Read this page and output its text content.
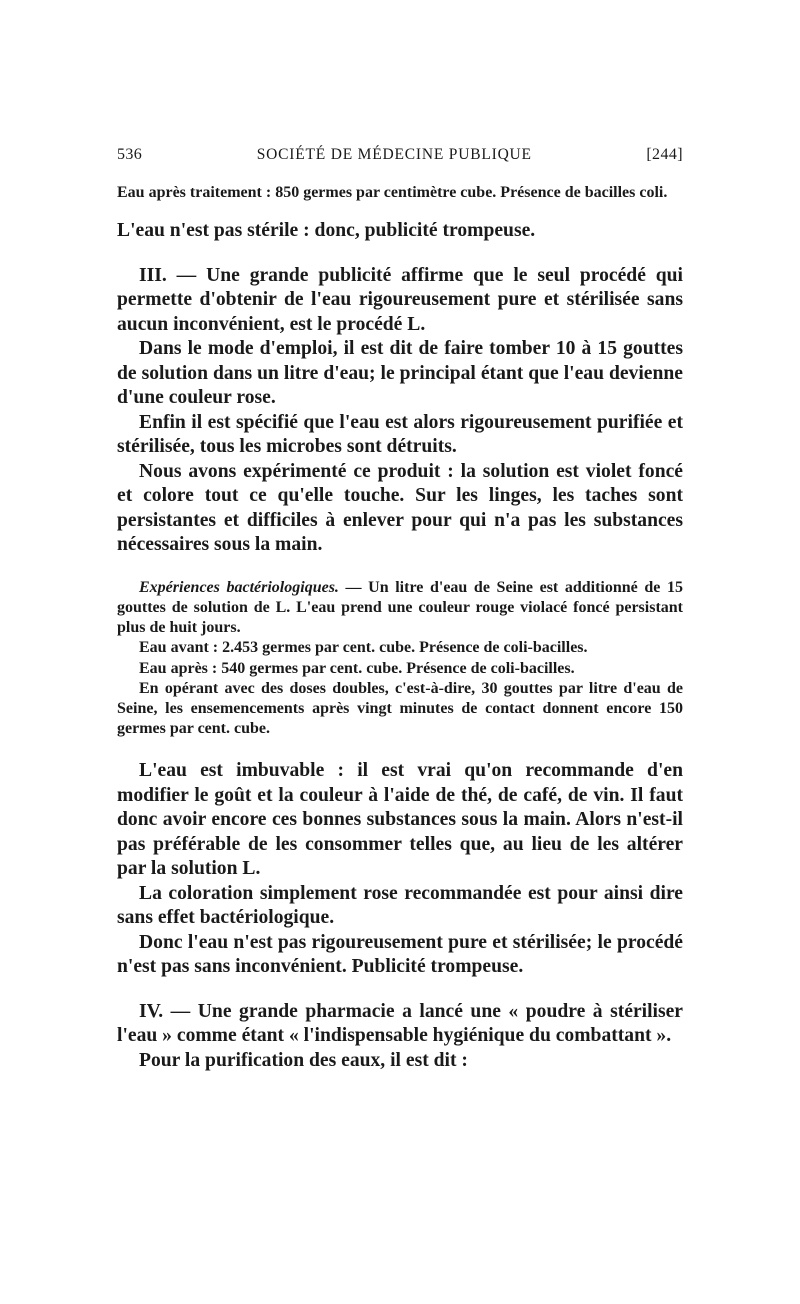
536	SOCIÉTÉ DE MÉDECINE PUBLIQUE	[244]

Eau après traitement : 850 germes par centimètre cube. Présence de bacilles coli.

L'eau n'est pas stérile : donc, publicité trompeuse.

III. — Une grande publicité affirme que le seul procédé qui permette d'obtenir de l'eau rigoureusement pure et stérilisée sans aucun inconvénient, est le procédé L.

Dans le mode d'emploi, il est dit de faire tomber 10 à 15 gouttes de solution dans un litre d'eau; le principal étant que l'eau devienne d'une couleur rose.

Enfin il est spécifié que l'eau est alors rigoureusement purifiée et stérilisée, tous les microbes sont détruits.

Nous avons expérimenté ce produit : la solution est violet foncé et colore tout ce qu'elle touche. Sur les linges, les taches sont persistantes et difficiles à enlever pour qui n'a pas les substances nécessaires sous la main.

Expériences bactériologiques. — Un litre d'eau de Seine est additionné de 15 gouttes de solution de L. L'eau prend une couleur rouge violacé foncé persistant plus de huit jours.

Eau avant : 2.453 germes par cent. cube. Présence de coli-bacilles.

Eau après : 540 germes par cent. cube. Présence de coli-bacilles.

En opérant avec des doses doubles, c'est-à-dire, 30 gouttes par litre d'eau de Seine, les ensemencements après vingt minutes de contact donnent encore 150 germes par cent. cube.

L'eau est imbuvable : il est vrai qu'on recommande d'en modifier le goût et la couleur à l'aide de thé, de café, de vin. Il faut donc avoir encore ces bonnes substances sous la main. Alors n'est-il pas préférable de les consommer telles que, au lieu de les altérer par la solution L.

La coloration simplement rose recommandée est pour ainsi dire sans effet bactériologique.

Donc l'eau n'est pas rigoureusement pure et stérilisée; le procédé n'est pas sans inconvénient. Publicité trompeuse.

IV. — Une grande pharmacie a lancé une « poudre à stériliser l'eau » comme étant « l'indispensable hygiénique du combattant ».

Pour la purification des eaux, il est dit :
